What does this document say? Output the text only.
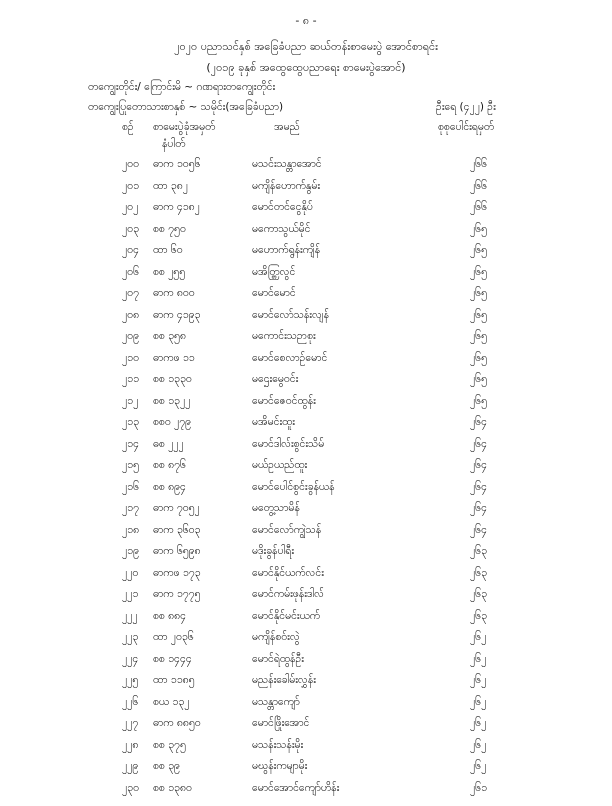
- ၈ -
၂၀၂၀ ပညာသင်နှစ် အခြေခံပညာ ဆယ်တန်းစာမေးပွဲ အောင်စာရင်း
(၂၀၁၉ ခုနှစ် အထွေထွေပညာရေး စာမေးပွဲအောင်)
တကျွေးတိုင်း/ ကြောင်းမိ ~ ဂဏရားတကျွေးတိုင်း
တကျွေးပြုတောသားစာနှစ် ~ သမိုင်း(အခြေခံပညာ)	ဦးရေ (၄၂၂) ဦး
စဉ် စာမေးပွဲခုံအမှတ်	အမည်	စုစုပေါင်းရမှတ်
နံပါတ်
၂၀၀ ဓာက ၁၀၅၆	မသင်းသန္တာအောင်	၂၆၆
၂၀၁ ထာ ၃၈၂	မကျိန်ဟောက်နွမ်း	၂၆၆
၂၀၂ ဓာက ၄၁၈၂	မောင်တင်ငွေနိုပ်	၂၆၆
၂၀၃ စစ ၇၅၀	မကောသွယ်မိုင်	၂၆၅
၂၀၄ ထာ ၆၀	မဟောက်ရွန်းကျိန်	၂၆၅
၂၀၆ စစ ၂၅၅	မအိတ္တြလွင်	၂၆၅
၂၀၇ ဓာက ၈၀၀	မောင်မောင်	၂၆၅
၂၀၈ ဓာက ၄၁၉၃	မောင်လော်သန်းလျန်	၂၆၅
၂၀၉ စစ ၃၅၈	မကောင်းသဉာစုး	၂၆၅
၂၁၀ ဓာကဖ ၁၁	မောင်စေလာဉ်မောင်	၂၆၅
၂၁၁ စစ ၁၃၃၀	မဌေးမွေဝင်း	၂၆၅
၂၁၂ စစ ၁၃၂၂	မောင်ဇေဝင်ထွန်း	၂၆၅
၂၁၃ စစဝ ၂၇၉	မအိမင်းထူး	၂၆၄
၂၁၄ ဓစ ၂၂၂	မောင်ဒါလ်းစွင်းသိမ်	၂၆၄
၂၁၅ စစ ၈၇၆	မယ်ဥယည်ထူး	၂၆၄
၂၁၆ စစ ၈၉၄	မောင်ပေါင်စွင်းခွန်ယန်	၂၆၄
၂၁၇ ဓာက ၇၀၅၂	မတွေ့သာမိန်	၂၆၄
၂၁၈ ဓာက ၃၆၀၃	မောင်လော်ကျွဲသန်	၂၆၄
၂၁၉ ဓာက ၆၅၉၈	မဒိုးခွန်ပါရီး	၂၆၃
၂၂၀ ဓာကဖ ၁၇၃	မောင်နိုင်ယက်လင်း	၂၆၃
၂၂၁ ဓာက ၁၇၇၅	မောင်ကမ်းဖုန်းဒါလ်	၂၆၃
၂၂၂ စစ ၈၈၄	မောင်နိုင်မင်းယက်	၂၆၃
၂၂၃ ထာ ၂၀၃၆	မကျိန်စဝ်းလွဲ	၂၆၂
၂၂၄ စစ ၁၄၄၄	မောင်ရဲထွန်ဦး	၂၆၂
၂၂၅ ထာ ၁၁၈၅	မညန်းခေါမ်းလွှန်း	၂၆၂
၂၂၆ စယ ၁၃၂	မသန္တာကျော်	၂၆၂
၂၂၇ ဓာက ၈၈၅၀	မောင်ဖြိုးအောင်	၂၆၂
၂၂၈ စစ ၃၇၅	မသန်းသန်းမိုး	၂၆၂
၂၂၉ စစ ၃၉	မဃွန်းကမျာမိုး	၂၆၂
၂၃၀ စစ ၁၃၈၀	မောင်အောင်ကျော်ဟိန်း	၂၆၁
